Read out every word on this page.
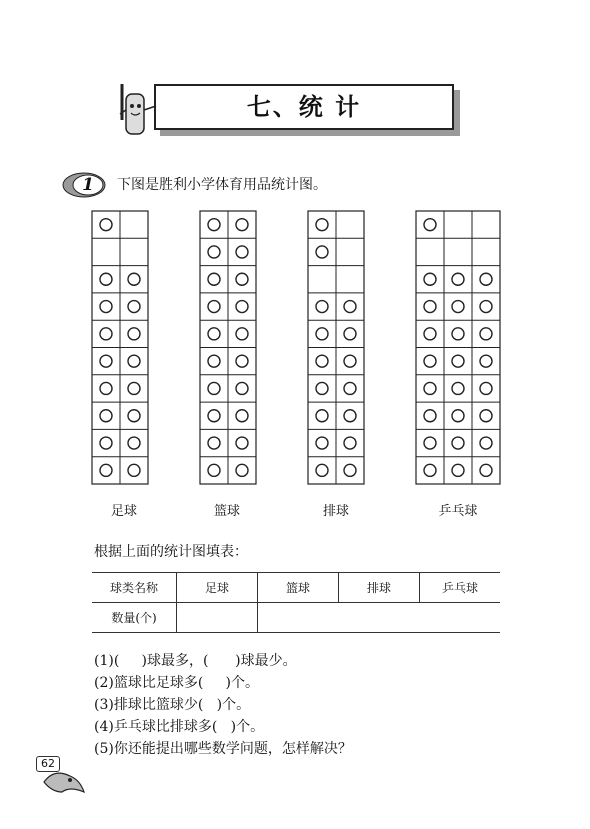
七、统 计
1	下图是胜利小学体育用品统计图。
足球	篮球	排球	乒乓球
根据上面的统计图填表：
球类名称	足球	篮球	排球	乒乓球
数量(个)				
(1)(     )球最多，(      )球最少。
(2)篮球比足球多(     )个。
(3)排球比篮球少(   )个。
(4)乒乓球比排球多(   )个。
(5)你还能提出哪些数学问题，怎样解决？
62
